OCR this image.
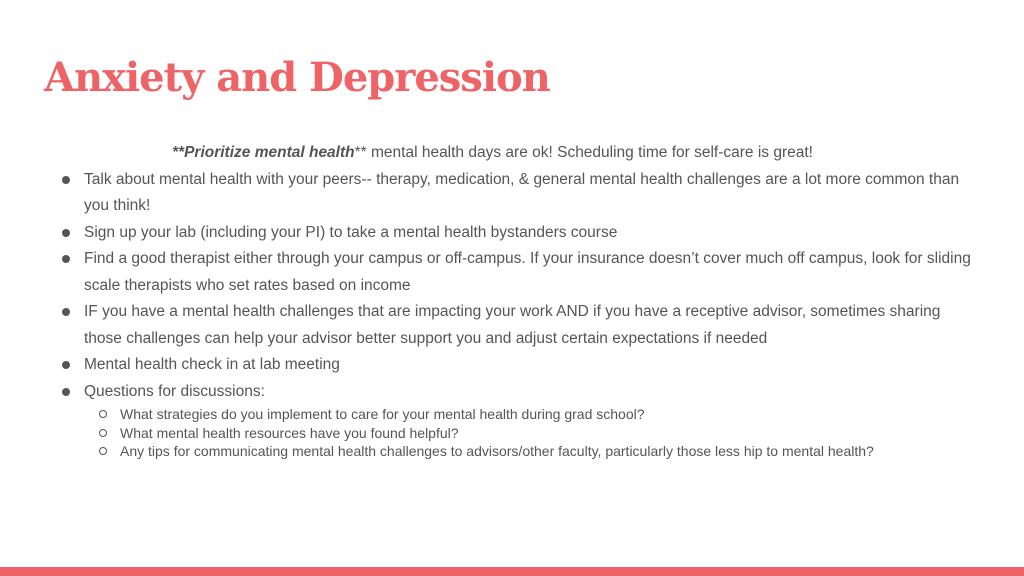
Anxiety and Depression

**Prioritize mental health** mental health days are ok! Scheduling time for self-care is great!

Talk about mental health with your peers-- therapy, medication, & general mental health challenges are a lot more common than you think!
Sign up your lab (including your PI) to take a mental health bystanders course
Find a good therapist either through your campus or off-campus. If your insurance doesn’t cover much off campus, look for sliding scale therapists who set rates based on income
IF you have a mental health challenges that are impacting your work AND if you have a receptive advisor, sometimes sharing those challenges can help your advisor better support you and adjust certain expectations if needed
Mental health check in at lab meeting
Questions for discussions:
What strategies do you implement to care for your mental health during grad school?
What mental health resources have you found helpful?
Any tips for communicating mental health challenges to advisors/other faculty, particularly those less hip to mental health?
